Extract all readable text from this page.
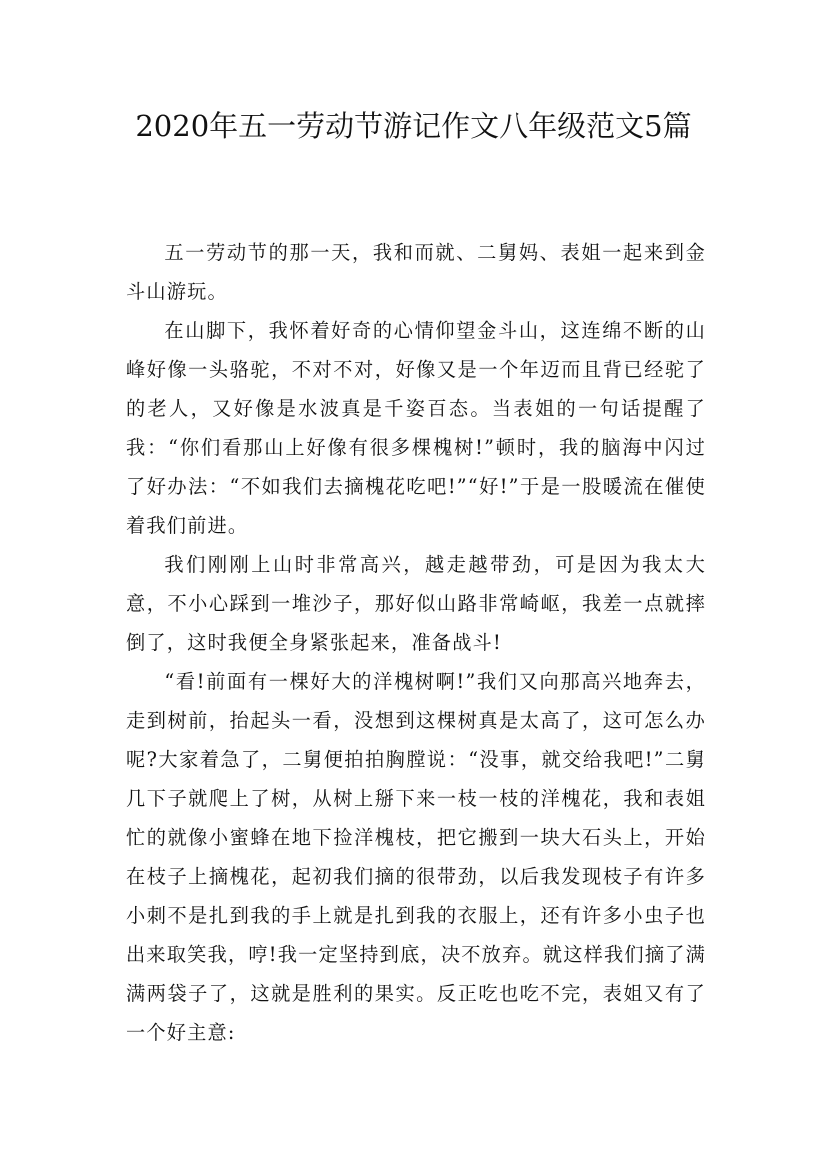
2020年五一劳动节游记作文八年级范文5篇

五一劳动节的那一天，我和而就、二舅妈、表姐一起来到金斗山游玩。

在山脚下，我怀着好奇的心情仰望金斗山，这连绵不断的山峰好像一头骆驼，不对不对，好像又是一个年迈而且背已经驼了的老人，又好像是水波真是千姿百态。当表姐的一句话提醒了我：“你们看那山上好像有很多棵槐树!”顿时，我的脑海中闪过了好办法：“不如我们去摘槐花吃吧!”“好!”于是一股暖流在催使着我们前进。

我们刚刚上山时非常高兴，越走越带劲，可是因为我太大意，不小心踩到一堆沙子，那好似山路非常崎岖，我差一点就摔倒了，这时我便全身紧张起来，准备战斗!

“看!前面有一棵好大的洋槐树啊!”我们又向那高兴地奔去，走到树前，抬起头一看，没想到这棵树真是太高了，这可怎么办呢?大家着急了，二舅便拍拍胸膛说：“没事，就交给我吧!”二舅几下子就爬上了树，从树上掰下来一枝一枝的洋槐花，我和表姐忙的就像小蜜蜂在地下捡洋槐枝，把它搬到一块大石头上，开始在枝子上摘槐花，起初我们摘的很带劲，以后我发现枝子有许多小刺不是扎到我的手上就是扎到我的衣服上，还有许多小虫子也出来取笑我，哼!我一定坚持到底，决不放弃。就这样我们摘了满满两袋子了，这就是胜利的果实。反正吃也吃不完，表姐又有了一个好主意:
